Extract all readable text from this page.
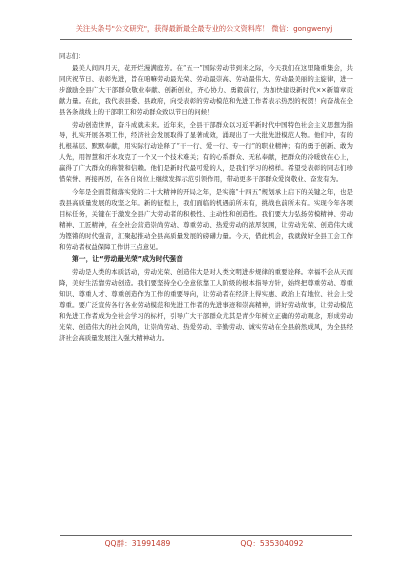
关注头条号"公文研究"，获得最新最全最专业的公文资料库！ 微信：gongwenyj
同志们：

最美人间四月天，花开烂漫满庭芳。在“五一”国际劳动节到来之际，今天我们在这里隆重集会，共同庆祝节日、表彰先进，旨在咱嘛劳动最光荣、劳动最崇高、劳动最伟大、劳动最美丽的主旋律，进一步激励全县广大干部群众敬业奉献、创新创业，齐心协力、勇毅前行，为加快建设新时代××新篇章贡献力量。在此，我代表县委、县政府，向受表彰的劳动模范和先进工作者表示热烈的祝贺！向奋战在全县各条战线上的干部职工和劳动群众致以节日的问候！

劳动创造世界，奋斗成就未来。近年来，全县干部群众以习近平新时代中国特色社会主义思想为指导，扎实开展各项工作，经济社会发展取得了显著成效，涌现出了一大批先进模范人物。他们中，有的扎根基层、默默奉献，用实际行动诠释了“干一行、爱一行、专一行”的职业精神；有的勇于创新、敢为人先，用智慧和汗水攻克了一个又一个技术难关；有的心系群众、无私奉献，把群众的冷暖放在心上，赢得了广大群众的称赞和信赖。他们是新时代最可爱的人，是我们学习的榜样。希望受表彰的同志们珍惜荣誉、再接再厉，在各自岗位上继续发挥示范引领作用，带动更多干部群众爱岗敬业、奋发有为。

今年是全面贯彻落实党的二十大精神的开局之年，是实施“十四五”规划承上启下的关键之年，也是我县高质量发展的攻坚之年。新的征程上，我们面临的机遇前所未有，挑战也前所未有。实现今年各项目标任务，关键在于激发全县广大劳动者的积极性、主动性和创造性。我们要大力弘扬劳模精神、劳动精神、工匠精神，在全社会营造崇尚劳动、尊重劳动、热爱劳动的浓厚氛围，让劳动光荣、创造伟大成为铿锵的时代强音，汇聚起推动全县高质量发展的磅礴力量。今天，借此机会，我就做好全县工会工作和劳动者权益保障工作讲三点意见。

第一，让“劳动最光荣”成为时代强音

劳动是人类的本质活动，劳动光荣、创造伟大是对人类文明进步规律的重要诠释。幸福不会从天而降，美好生活靠劳动创造。我们要坚持全心全意依靠工人阶级的根本指导方针，始终把尊重劳动、尊重知识、尊重人才、尊重创造作为工作的重要导向，让劳动者在经济上得实惠、政治上有地位、社会上受尊重。要广泛宣传各行各业劳动模范和先进工作者的先进事迹和崇高精神，讲好劳动故事，让劳动模范和先进工作者成为全社会学习的标杆，引导广大干部群众尤其是青少年树立正确的劳动观念，形成劳动光荣、创造伟大的社会风尚，让崇尚劳动、热爱劳动、辛勤劳动、诚实劳动在全县蔚然成风，为全县经济社会高质量发展注入强大精神动力。

QQ群：31991489	QQ：535304092
